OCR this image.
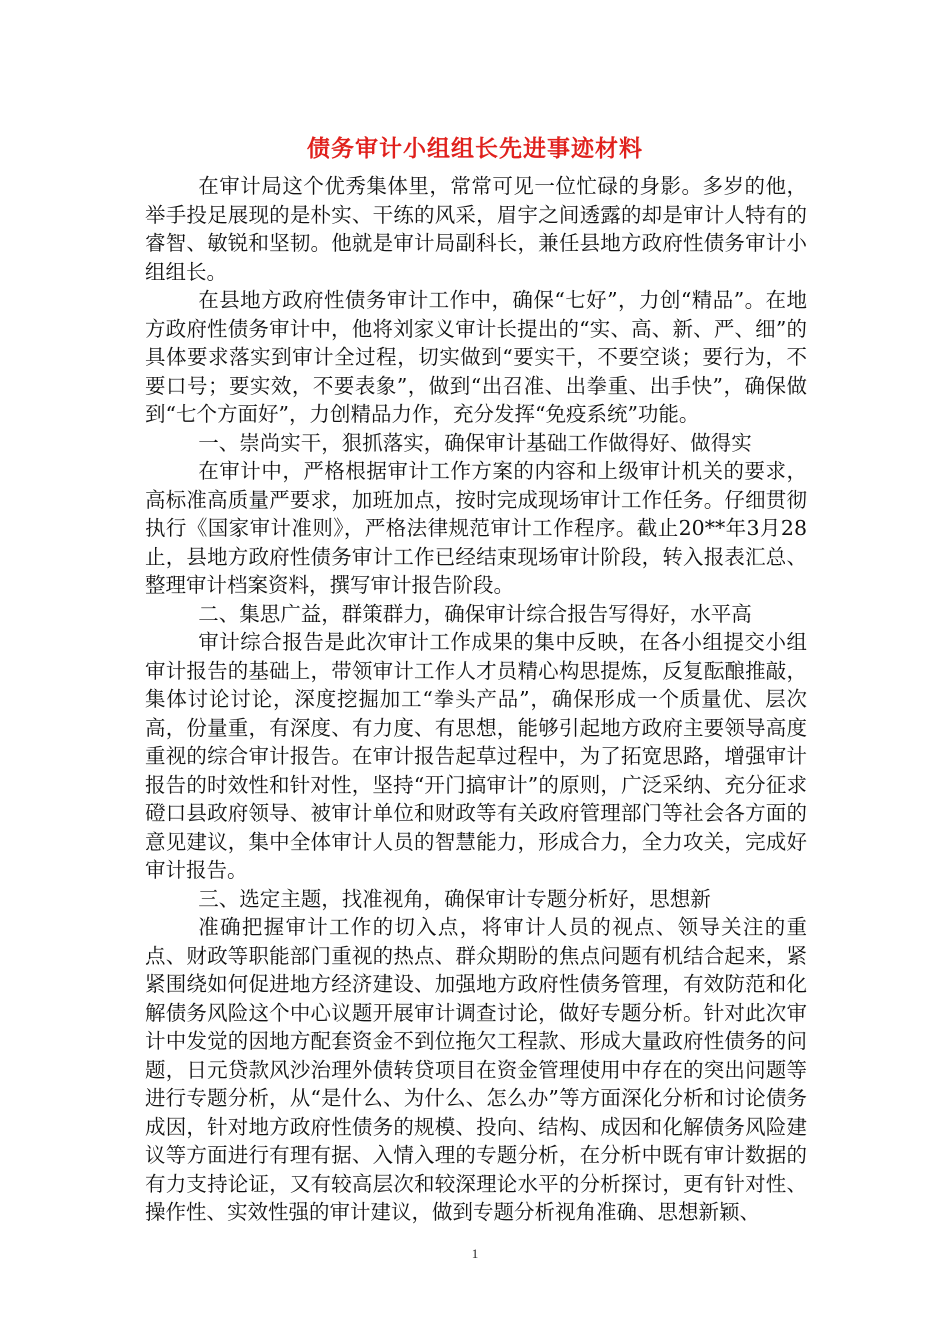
债务审计小组组长先进事迹材料

在审计局这个优秀集体里，常常可见一位忙碌的身影。多岁的他，举手投足展现的是朴实、干练的风采，眉宇之间透露的却是审计人特有的睿智、敏锐和坚韧。他就是审计局副科长，兼任县地方政府性债务审计小组组长。

在县地方政府性债务审计工作中，确保“七好”，力创“精品”。在地方政府性债务审计中，他将刘家义审计长提出的“实、高、新、严、细”的具体要求落实到审计全过程，切实做到“要实干，不要空谈；要行为，不要口号；要实效，不要表象”，做到“出召准、出拳重、出手快”，确保做到“七个方面好”，力创精品力作，充分发挥“免疫系统”功能。

一、崇尚实干，狠抓落实，确保审计基础工作做得好、做得实

在审计中，严格根据审计工作方案的内容和上级审计机关的要求，高标准高质量严要求，加班加点，按时完成现场审计工作任务。仔细贯彻执行《国家审计准则》，严格法律规范审计工作程序。截止20**年3月28止，县地方政府性债务审计工作已经结束现场审计阶段，转入报表汇总、整理审计档案资料，撰写审计报告阶段。

二、集思广益，群策群力，确保审计综合报告写得好，水平高

审计综合报告是此次审计工作成果的集中反映，在各小组提交小组审计报告的基础上，带领审计工作人才员精心构思提炼，反复酝酿推敲，集体讨论讨论，深度挖掘加工“拳头产品”，确保形成一个质量优、层次高，份量重，有深度、有力度、有思想，能够引起地方政府主要领导高度重视的综合审计报告。在审计报告起草过程中，为了拓宽思路，增强审计报告的时效性和针对性，坚持“开门搞审计”的原则，广泛采纳、充分征求磴口县政府领导、被审计单位和财政等有关政府管理部门等社会各方面的意见建议，集中全体审计人员的智慧能力，形成合力，全力攻关，完成好审计报告。

三、选定主题，找准视角，确保审计专题分析好，思想新

准确把握审计工作的切入点，将审计人员的视点、领导关注的重点、财政等职能部门重视的热点、群众期盼的焦点问题有机结合起来，紧紧围绕如何促进地方经济建设、加强地方政府性债务管理，有效防范和化解债务风险这个中心议题开展审计调查讨论，做好专题分析。针对此次审计中发觉的因地方配套资金不到位拖欠工程款、形成大量政府性债务的问题，日元贷款风沙治理外债转贷项目在资金管理使用中存在的突出问题等进行专题分析，从“是什么、为什么、怎么办”等方面深化分析和讨论债务成因，针对地方政府性债务的规模、投向、结构、成因和化解债务风险建议等方面进行有理有据、入情入理的专题分析，在分析中既有审计数据的有力支持论证，又有较高层次和较深理论水平的分析探讨，更有针对性、操作性、实效性强的审计建议，做到专题分析视角准确、思想新颖、

1
